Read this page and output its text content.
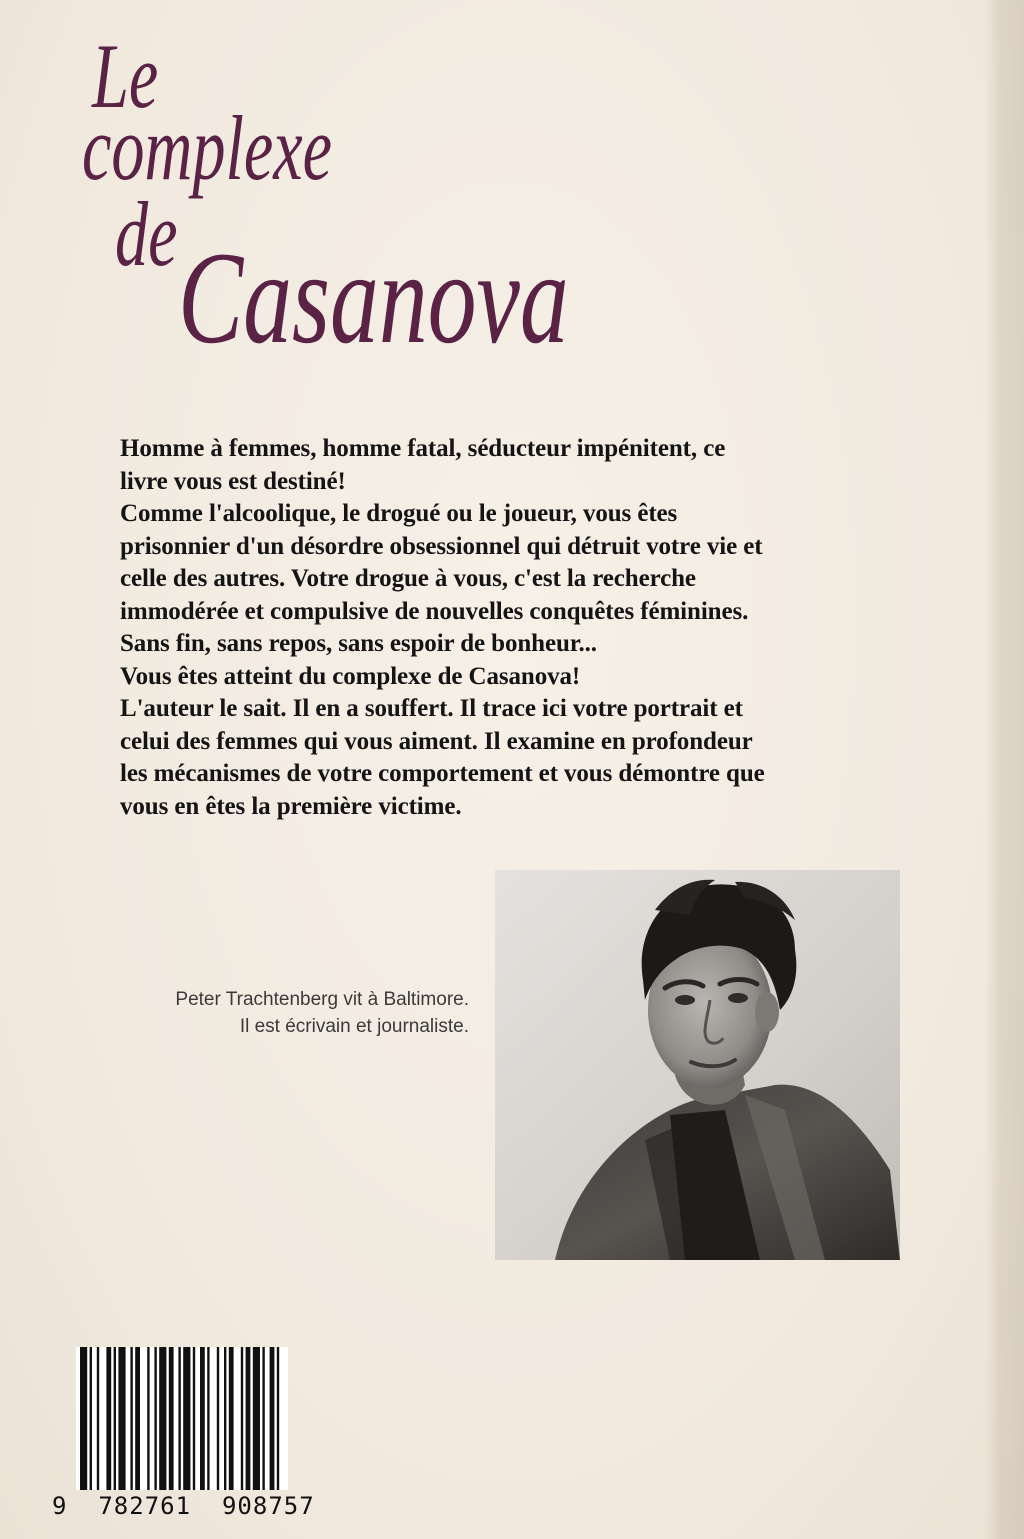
Le
complexe
de Casanova
Homme à femmes, homme fatal, séducteur impénitent, ce
livre vous est destiné!
Comme l'alcoolique, le drogué ou le joueur, vous êtes
prisonnier d'un désordre obsessionnel qui détruit votre vie et
celle des autres. Votre drogue à vous, c'est la recherche
immodérée et compulsive de nouvelles conquêtes féminines.
Sans fin, sans repos, sans espoir de bonheur...
Vous êtes atteint du complexe de Casanova!
L'auteur le sait. Il en a souffert. Il trace ici votre portrait et
celui des femmes qui vous aiment. Il examine en profondeur
les mécanismes de votre comportement et vous démontre que
vous en êtes la première victime.
Peter Trachtenberg vit à Baltimore.
Il est écrivain et journaliste.
9 782761 908757
